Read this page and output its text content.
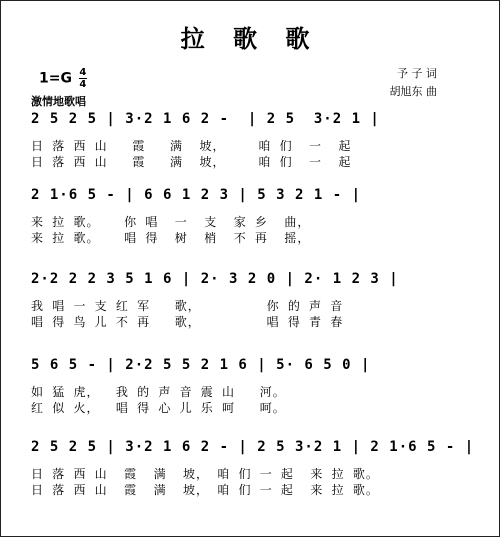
拉 歌 歌
$1=G \frac{4}{4}$	予 子 词
胡旭东 曲
激情地歌唱
2 5 2 5 | 3·2 1 6 2 -  | 2 5  3·2 1 |
日 落 西 山   霞   满  坡，    咱 们  一  起
日 落 西 山   霞   满  坡，    咱 们  一  起
2 1·6 5 - | 6 6 1 2 3 | 5 3 2 1 - |
来 拉 歌。   你 唱  一  支  家 乡  曲，
来 拉 歌。   唱 得  树  梢  不 再  摇，
2·2 2 2 3 5 1 6 | 2· 3 2 0 | 2· 1 2 3 |
我 唱 一 支 红 军   歌，        你 的 声 音
唱 得 鸟 儿 不 再   歌，        唱 得 青 春
5 6 5 - | 2·2 5 5 2 1 6 | 5· 6 5 0 |
如 猛 虎，  我 的 声 音 震 山   河。
红 似 火，  唱 得 心 儿 乐 呵   呵。
2 5 2 5 | 3·2 1 6 2 - | 2 5 3·2 1 | 2 1·6 5 - |
日 落 西 山  霞  满  坡， 咱 们 一 起  来 拉 歌。
日 落 西 山  霞  满  坡， 咱 们 一 起  来 拉 歌。
